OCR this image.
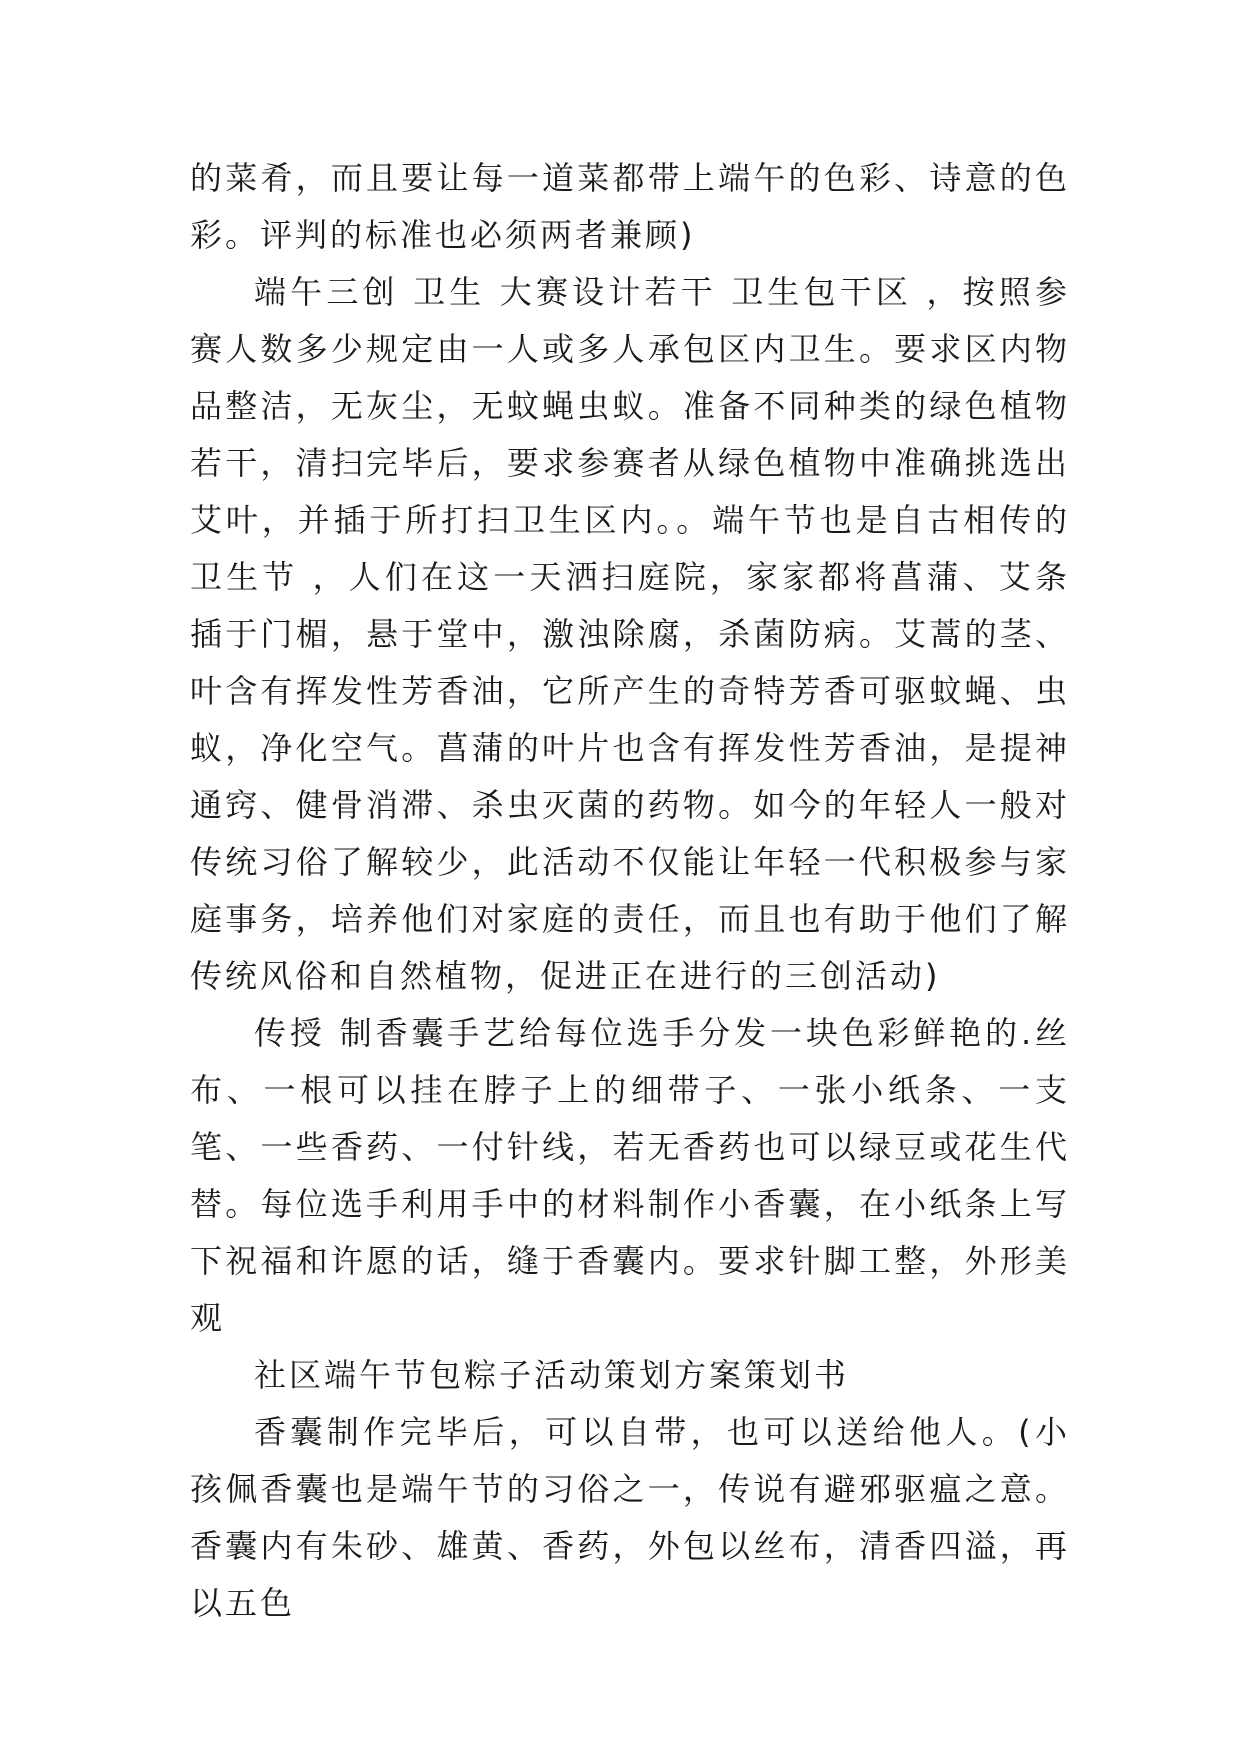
的菜肴，而且要让每一道菜都带上端午的色彩、诗意的色彩。评判的标准也必须两者兼顾)

端午三创 卫生 大赛设计若干 卫生包干区 ，按照参赛人数多少规定由一人或多人承包区内卫生。要求区内物品整洁，无灰尘，无蚊蝇虫蚁。准备不同种类的绿色植物若干，清扫完毕后，要求参赛者从绿色植物中准确挑选出艾叶，并插于所打扫卫生区内。。端午节也是自古相传的 卫生节 ，人们在这一天洒扫庭院，家家都将菖蒲、艾条插于门楣，悬于堂中，激浊除腐，杀菌防病。艾蒿的茎、叶含有挥发性芳香油，它所产生的奇特芳香可驱蚊蝇、虫蚁，净化空气。菖蒲的叶片也含有挥发性芳香油，是提神通窍、健骨消滞、杀虫灭菌的药物。如今的年轻人一般对传统习俗了解较少，此活动不仅能让年轻一代积极参与家庭事务，培养他们对家庭的责任，而且也有助于他们了解传统风俗和自然植物，促进正在进行的三创活动)

传授 制香囊手艺给每位选手分发一块色彩鲜艳的.丝布、一根可以挂在脖子上的细带子、一张小纸条、一支笔、一些香药、一付针线，若无香药也可以绿豆或花生代替。每位选手利用手中的材料制作小香囊，在小纸条上写下祝福和许愿的话，缝于香囊内。要求针脚工整，外形美观

社区端午节包粽子活动策划方案策划书

香囊制作完毕后，可以自带，也可以送给他人。(小孩佩香囊也是端午节的习俗之一，传说有避邪驱瘟之意。香囊内有朱砂、雄黄、香药，外包以丝布，清香四溢，再以五色
